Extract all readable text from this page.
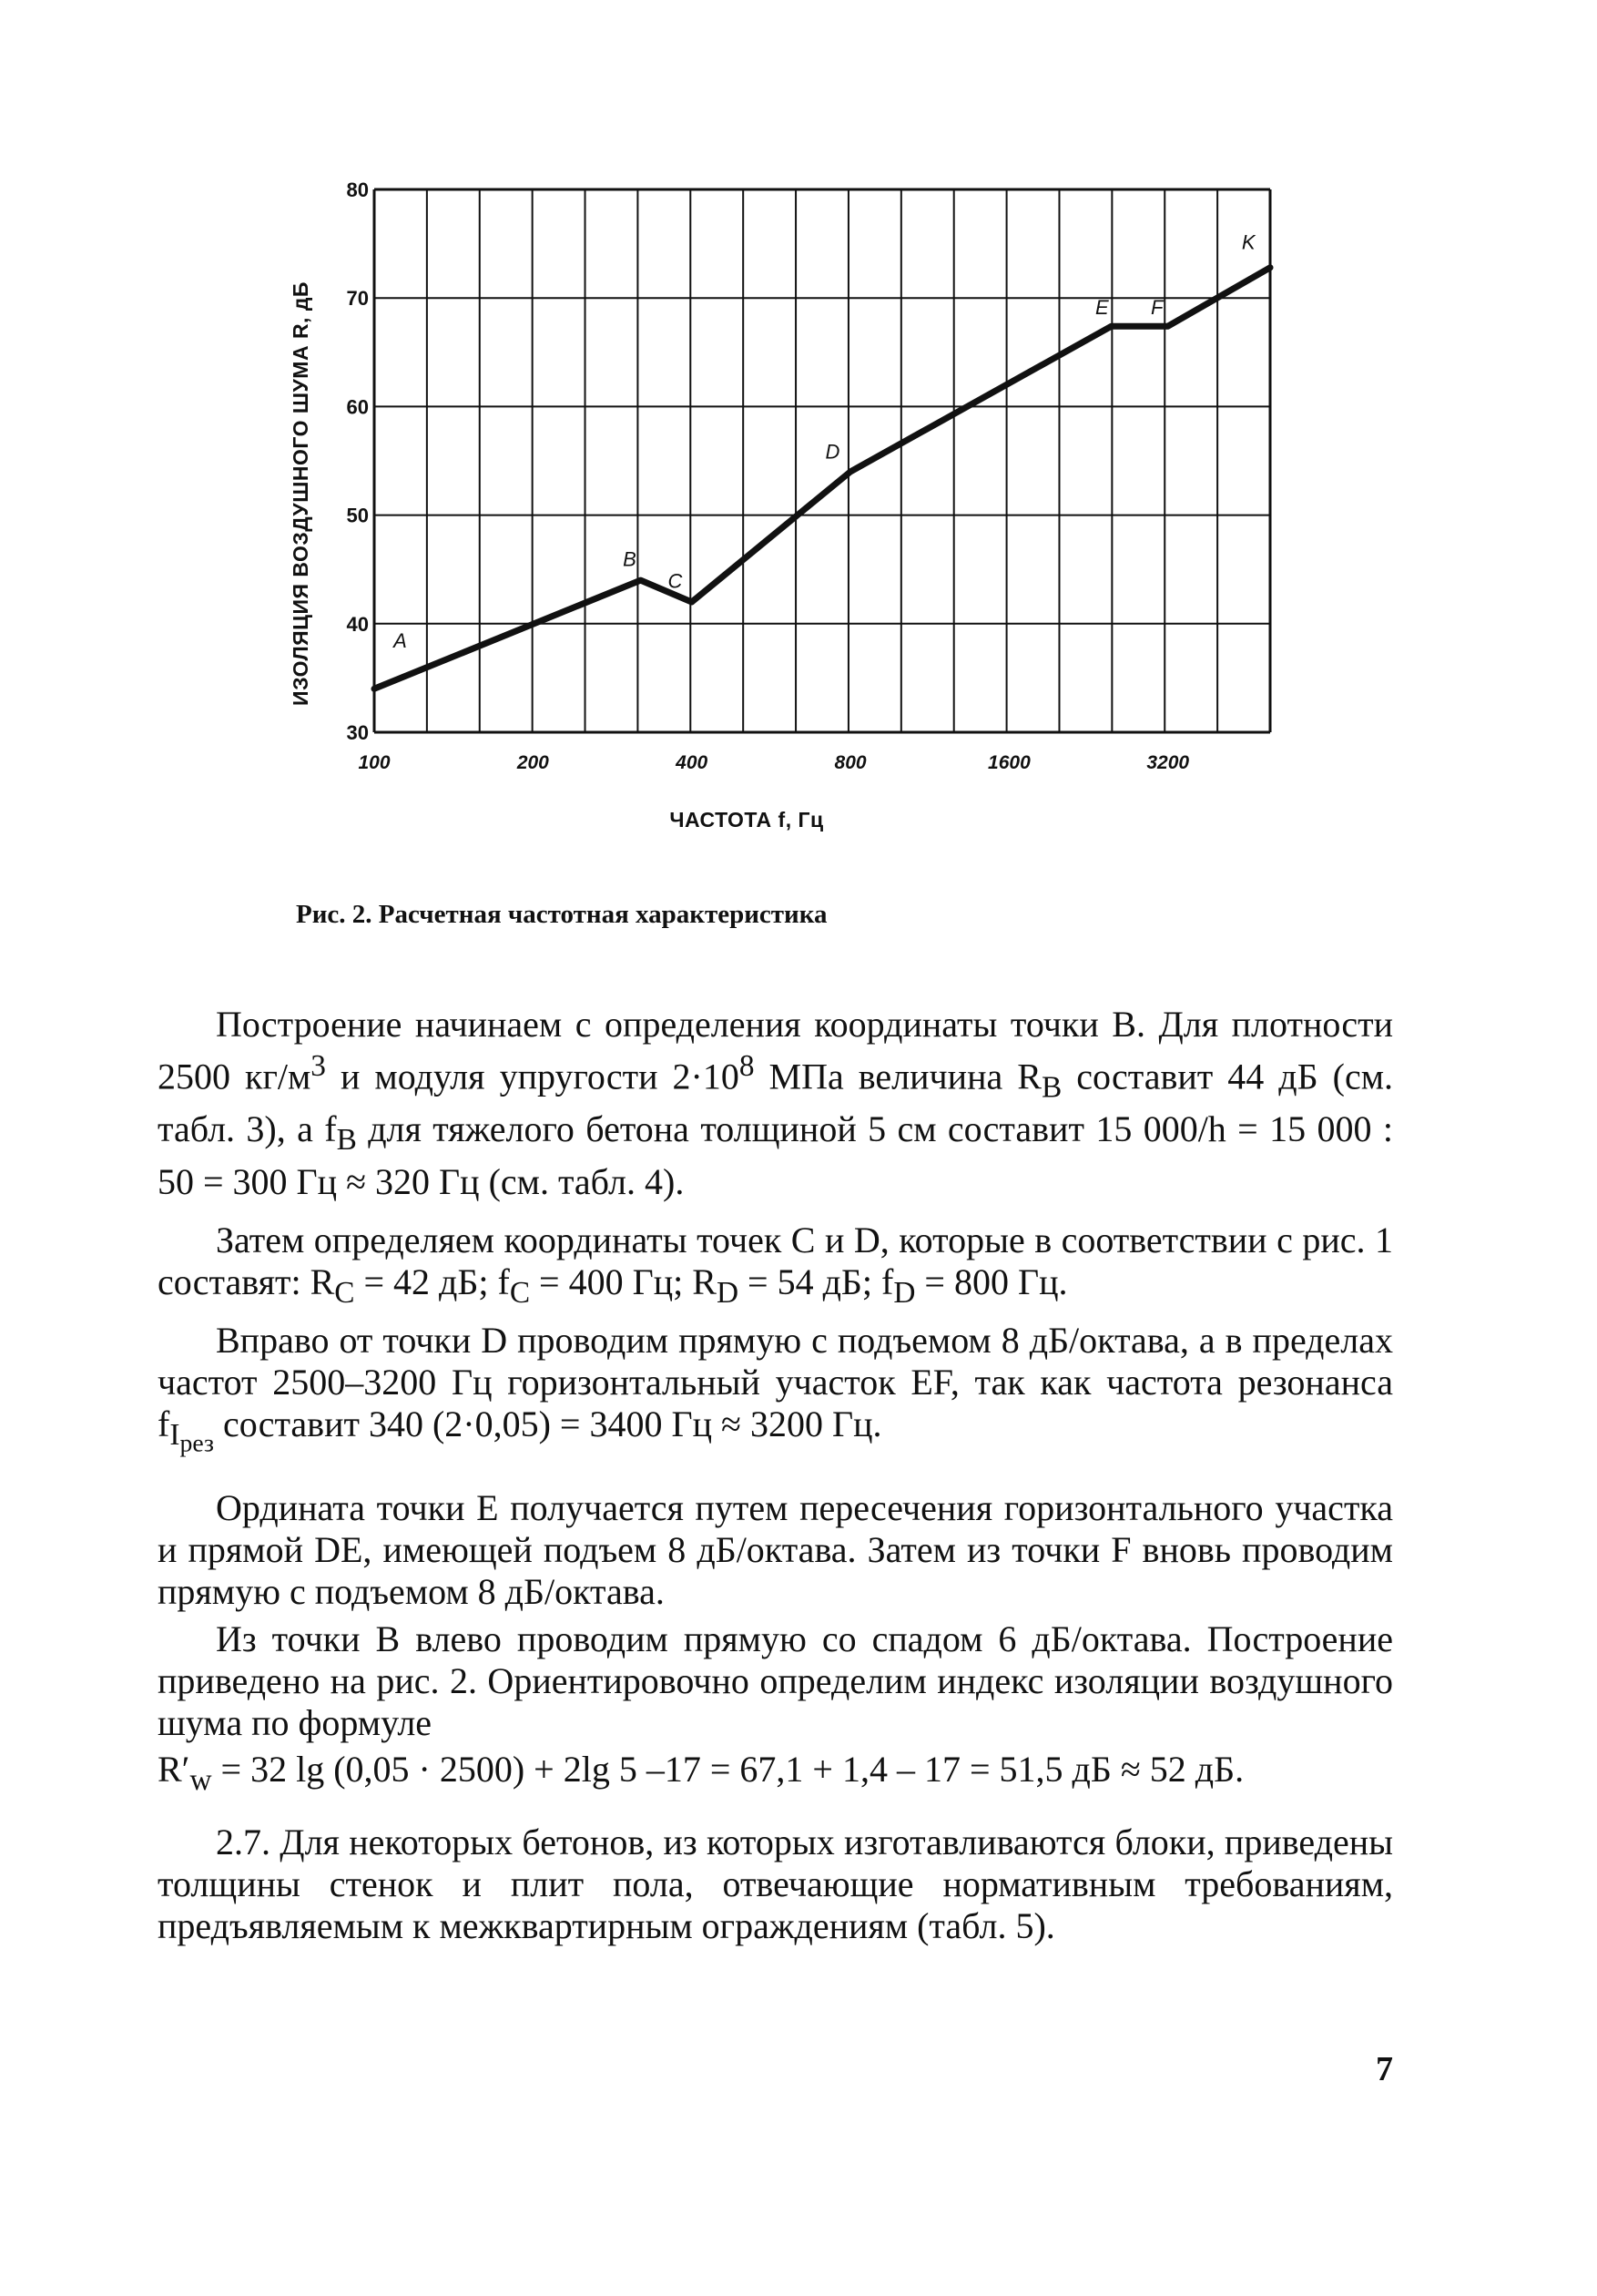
30
40
50
60
70
80
100	200	400	800	1600	3200
A
B
C
D
E F
K
ИЗОЛЯЦИЯ ВОЗДУШНОГО ШУМА R, дБ
ЧАСТОТА f, Гц
Рис. 2. Расчетная частотная характеристика

Построение начинаем с определения координаты точки B. Для плотности 2500 $кг/м^3$ и модуля упругости $2\cdot 10^8$ МПа величина $R_B$ составит 44 дБ (см. табл. 3), а $f_B$ для тяжелого бетона толщиной 5 см составит 15 000/h = 15 000 : 50 = 300 Гц ≈ 320 Гц (см. табл. 4).

Затем определяем координаты точек C и D, которые в соответствии с рис. 1 составят: $R_C = 42$ дБ; $f_C = 400$ Гц; $R_D = 54$ дБ; $f_D = 800$ Гц.

Вправо от точки D проводим прямую с подъемом 8 дБ/октава, а в пределах частот 2500–3200 Гц горизонтальный участок EF, так как частота резонанса $f_{I_{рез}}$ составит 340 (2·0,05) = 3400 Гц ≈ 3200 Гц.

Ордината точки E получается путем пересечения горизонтального участка и прямой DE, имеющей подъем 8 дБ/октава. Затем из точки F вновь проводим прямую с подъемом 8 дБ/октава.

Из точки B влево проводим прямую со спадом 6 дБ/октава. Построение приведено на рис. 2. Ориентировочно определим индекс изоляции воздушного шума по формуле

$R'_w = 32$ lg (0,05 · 2500) + 2lg 5 –17 = 67,1 + 1,4 – 17 = 51,5 дБ ≈ 52 дБ.

2.7. Для некоторых бетонов, из которых изготавливаются блоки, приведены толщины стенок и плит пола, отвечающие нормативным требованиям, предъявляемым к межквартирным ограждениям (табл. 5).

7
